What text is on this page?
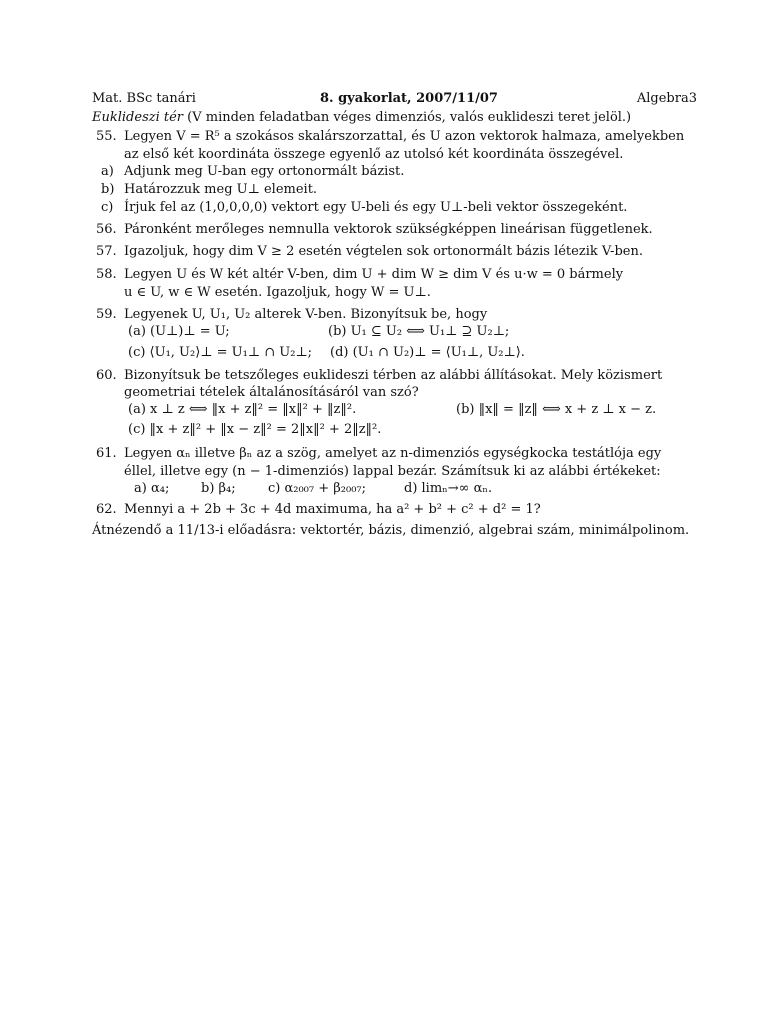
Mat. BSc tanári	8. gyakorlat, 2007/11/07	Algebra3
Euklideszi tér (V minden feladatban véges dimenziós, valós euklideszi teret jelöl.)
55. Legyen V = R⁵ a szokásos skalárszorzattal, és U azon vektorok halmaza, amelyekben
az első két koordináta összege egyenlő az utolsó két koordináta összegével.
a) Adjunk meg U-ban egy ortonormált bázist.
b) Határozzuk meg U⊥ elemeit.
c) Írjuk fel az (1,0,0,0,0) vektort egy U-beli és egy U⊥-beli vektor összegeként.
56. Páronként merőleges nemnulla vektorok szükségképpen lineárisan függetlenek.
57. Igazoljuk, hogy dim V ≥ 2 esetén végtelen sok ortonormált bázis létezik V-ben.
58. Legyen U és W két altér V-ben, dim U + dim W ≥ dim V és u·w = 0 bármely
u ∈ U, w ∈ W esetén. Igazoljuk, hogy W = U⊥.
59. Legyenek U, U₁, U₂ alterek V-ben. Bizonyítsuk be, hogy
(a) (U⊥)⊥ = U;	(b) U₁ ⊆ U₂ ⟺ U₁⊥ ⊇ U₂⊥;
(c) ⟨U₁, U₂⟩⊥ = U₁⊥ ∩ U₂⊥; (d) (U₁ ∩ U₂)⊥ = ⟨U₁⊥, U₂⊥⟩.
60. Bizonyítsuk be tetszőleges euklideszi térben az alábbi állításokat. Mely közismert
geometriai tételek általánosításáról van szó?
(a) x ⊥ z ⟺ ‖x + z‖² = ‖x‖² + ‖z‖².	(b) ‖x‖ = ‖z‖ ⟺ x + z ⊥ x − z.
(c) ‖x + z‖² + ‖x − z‖² = 2‖x‖² + 2‖z‖².
61. Legyen αₙ illetve βₙ az a szög, amelyet az n-dimenziós egységkocka testátlója egy
éllel, illetve egy (n − 1-dimenziós) lappal bezár. Számítsuk ki az alábbi értékeket:
a) α₄; b) β₄; c) α₂₀₀₇ + β₂₀₀₇;	d) limₙ→∞ αₙ.
62. Mennyi a + 2b + 3c + 4d maximuma, ha a² + b² + c² + d² = 1?
Átnézendő a 11/13-i előadásra: vektortér, bázis, dimenzió, algebrai szám, minimálpolinom.
